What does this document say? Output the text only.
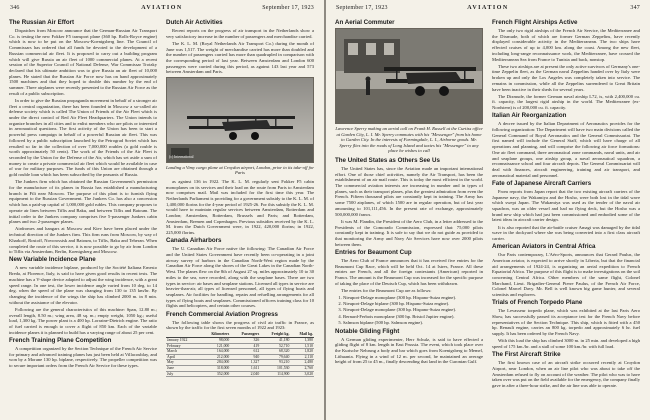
346	AVIATION	September 17, 1923
The Russian Air Effort

Dispatches from Moscow announce that the German-Russian Air Transport Co. is testing the new Fokker F5 transport plane (360 hp. Rolls-Royce engine) which is now to be put on the Moscow-Koenigsberg line. The Council of Commissars has ordered that all funds be devoted to the development of a Russian commercial air fleet. It is proposed to carry out a building program which will give Russia an air fleet of 1000 commercial planes. At a recent session of the Superior Council of National Defense, War Commissar Trotzky declared that his ultimate ambition was to give Russia an air fleet of 10,000 planes. He stated that the Russian Air Force now has on hand approximately 1500 machines and that they hoped to double this number by the end of summer. Three airplanes were recently presented to the Russian Air Force as the result of a public subscription.

In order to give the Russian propaganda movement in behalf of a stronger air fleet a central organization, there has been founded in Moscow a so-called air defense society which is called The Union of Friends of the Air Fleet which is under the direct control of Red Air Fleet Headquarters. The Union intends to organize branches in all cities and to enlist members who are pilots or interested in aeronautical questions. The first activity of the Union has been to start a powerful press campaign in behalf of a powerful Russian air fleet. This was followed by a public subscription launched by the Petrograd Soviet which has resulted so far in the collection of over 7,000,000 roubles (a gold rouble is worth approximately 50 cents). The work of the Friends of the Air Fleet is seconded by the Union for the Defense of the Air, which has set aside a sum of money to create a private commercial air fleet which would be available in case of war for military purposes. The funds of this Union are obtained through a gold rouble loan which has been subscribed by the peasants of Russia.

The Junkers firm which has obtained the Russian Government's permission for the manufacture of its planes in Russia has established a manufacturing branch in Fili near Moscow. The purpose of this plant is to furnish flying equipment to the Russian Government. The Junkers Co. has also a concession which has a paid-up capital of 1,000,000 gold rubles. This company proposes to operate air lines between Tiflis and Baku, and between Tiflis and Batoum. The initial order to the Junkers company comprises five 5-passenger Junkers cabin planes and two 2-passenger planes.

Airdromes and hangars at Moscow and Kiev have been placed under the technical direction of the Junkers firm. This firm runs from Moscow, by way of Kharkoff, Rostoff, Novorossisk and Batoum, to Tiflis, Baku and Teheran. When completed the route of this service, it is now possible to go by air from London to Tiflis via Amsterdam, Berlin, Koenigsberg and Moscow.

New Variable Incidence Plane

A new variable incidence biplane, produced by the Société Italiana Ernesto Breda, at Florence, Italy, is said to have given good results in recent tests. The machine has a V-shape device adapted to adjust the wing incidence, with a great speed range. In one test, the lower incidence angle varied from 10 deg. to 14 deg. when the speed of the plane was changing from 130 to 135 km/hr. By changing the incidence of the wings the ship has climbed 2000 m. in 8 min. without the assistance of the elevator.

Following are the general characteristics of this machine: Span, 12.80 m.; overall length, 8.50 m.; wing area, 48 sq. m.; empty weight, 1050 kg.; useful load, 1,300 kg. The power plant is a 400 hp. Lorraine-Dietrich engine. The ratio of fuel carried is enough to cover a flight of 850 km. Each of the variable incidence planes it is planned to build has a varying range of about 25 per cent.

French Training Plane Competition

A competition organized by the Section Technique of the French Air Service for primary and advanced training planes has just been held at Villacoublay, and won by a Morane 130 hp. biplane, respectively. The propeller competition was to secure important orders from the French Air Service for these types.

Dutch Air Activities

Recent reports on the progress of air transport in the Netherlands show a very satisfactory increase in the number of passengers and merchandise carried.

The K. L. M. (Royal Netherlands Air Transport Co.) during the month of June was 1,517. The weight of merchandise carried has more than doubled and the number of passengers carried has more than quadrupled in comparison with the corresponding period of last year. Between Amsterdam and London 600 passengers were carried during this period, as against 143 last year and 573 between Amsterdam and Paris.

(c) International
Landing a Vimy cargo plane at Croydon airport, London, prior to its take-off for Paris

as against 136 in 1922. The K. L. M. regularly sent Fokker F5 cabin monoplanes on its services and their load on the route from Paris to Amsterdam now comprises mail. Mail was included for the first time this year. The Netherlands Parliament is providing for a government subsidy to the K. L. M. of 1,400,000 florins for the 4-year period of 1925-26. For this subsidy the K. L. M. would have to maintain regular services between Amsterdam, Rotterdam and London; Amsterdam, Rotterdam, Brussels and Paris; and Rotterdam, Amsterdam, Bremen and Copenhagen. Previous subsidies received by the K. L. M. from the Dutch Government were, in 1922, 420,000 florins; in 1922, 225,000 florins.

Canada Airharbors

The U. Canadian Air Force native the following: The Canadian Air Force and the United States Government have recently been co-operating in a joint airway survey of harbors in the Canadian North-West region made by the Canadian Air Force along the shores of the Great Lakes in the Canadian North-West. The planes flew on the 8th of August 27 sq. miles approximately 10 to 30 miles to the sea, were recorded, along with the seaplane bases. There are two types in service: air bases and seaplane stations. Licensed all types in service are heavier-than-air, all types of licensed personnel, all types of flying boats and seaplanes. Air facilities for handling, repairs and refuelling arrangements for all types of flying boats and seaplanes. Commissioned officers training class for 10 flights and helicopters, and certain other courses.

French Commercial Aviation Progress

The following table shows the progress of civil air traffic in France, as shown by the traffic for the first seven months of 1922 and 1923:

	Kilometers	Passengers	Freight kg.	Mail kg.
January 1922	98,000	326	41,180	1,380
February	121,000	419	52,710	1,510
March	164,000	612	68,320	1,820
April	212,000	940	79,640	2,110
May	284,000	1,327	93,210	2,480
June	318,000	1,611	101,530	2,760
July	352,000	2,040	114,900	3,020
September 17, 1923	AVIATION	347
An Aerial Commuter
Lawrence Sperry making an aerial call on Frank H. Russell at the Curtiss office at Garden City, L. I. Mr. Sperry commutes with his "Messenger" from his home to Garden City. In the interests of Farmingdale, L. I., Airborne goods. Mr. Sperry flies into the roads of Long Island and taxies his "Messenger" to any place he wishes to call
The United States as Others See Us

The United States has, since the Aviation made an important international effort. One of those chief activities, namely the Air Transport, has been the establishment of an air mail route. This is today the most efficient in the world. The commercial aviation interests are increasing in number and in types of planes, such as their transport planes, plus the greatest admiration from even the French. Fifteen thousand pilots are constantly kept in training. The Army has some 7500 airplanes, of which 1500 are in regular operation, but of last year amounting to 101,111,456. In the present rate of exchange, approximately 500,000,000 francs.

It was M. Flandin, the President of the Aero Club, in a letter addressed to the Presidents of the Comorado Commission, expressed that: 75,000 pilots constantly kept in training. It is safe to say that we do not guide as provided to that monitoring the Army and Navy Air Services have now over 2000 pilots between them.

Entries for Beaumont Cup

The Aero Club of France announces that it has received five entries for the Beaumont Cup Race, which will be held Oct. 14 at Istres, France. All these entries are French, and all the foreign contestants (American) reported in Francs. The amount is the Beaumont Cup was increased for the specific purpose of taking the place of the Deutsch Cup, which has been withdrawn.

The entries for the Beaumont Cup are as follows:

1. Nieuport-Delage monoplane (300 hp. Hispano-Suiza engine).
2. Nieuport-Delage biplane (300 hp. Hispano-Suiza engine).
3. Nieuport-Delage monoplane (300 hp. Hispano-Suiza engine).
4. Bernard-Ferbois monoplane (300 hp. Bristol Jupiter engine).
5. Salmson biplane (500 hp. Salmson engine).
Notable Gliding Flight

A German gliding experimenter, Herr Schulz, is said to have effected a gliding flight of 8 km. length in East Prussia. The event, which took place over the Kurische Nehrung a body and bar which goes from Koenigsberg to Memel, Lithuania. Flying in a wind of 12 m. per second, he maintained an average height of from 25 to 45 m., finally descending that land in the Curonian Gulf.

French Flight Airships Active

The only two rigid airships of the French Air Service, the Mediterranee and the Dixmude, both of which are former German Zeppelins, have recently displayed considerable activity in the Mediterranean. The two ships have effected cruises of up to 4,000 km. along the coast. Among the new fleet, including long-range reconnaissance work, the Mediterranee, have crossed the Mediterranean Sea from France to Tunisia and back, nonstop.

These two airships are at present the only active survivors of Germany's one-time Zeppelin fleet, as the German naval Zeppelins handed over by Italy were broken up and only the Los Angeles was completely taken into service. The remains in commission, while all the Zeppelins surrendered to Great Britain have been inactive in their sheds for several years.

The Dixmude, the former German naval airship L72, is, with 2,400,000 cu. ft. capacity, the largest rigid airship in the world. The Mediterranee (ex-Nordstern) is of 200,000 cu. ft. capacity.

Italian Air Reorganization

A decree issued by the Italian Department of Aeronautics provides for the following organization: The Department will have two main divisions called the General Command of Royal Aeronautics and the General Commissariat. The first named will include the General Staff, which will have charge of all operations and planning, and will comprise the following air force formations: One air fleet command, three aeronautical zone commands, naval units, and air and seaplane groups, one airship group, a naval aeronautical squadron, a reconnaissance school and four aircraft depots. The General Commissariat will deal with finances, aircraft engineering, training and air transport, and aeronautical material and personnel.

Fate of Japanese Aircraft Carriers

From reports from Japan report that the two existing aircraft carriers of the Japanese navy, the Wakamiya and the Hosho, were both lost in the tidal wave which swept Japan. The Wakamiya was used as the tender of the naval air squadron, was an older vessel and had no flying deck, but the Hosho was a brand new ship which had just been commissioned and embodied some of the latest ideas in aircraft carrier design.

It is also reported that the air-battle cruiser Amagi was damaged by the tidal wave in the dockyard where she was being converted into a first class aircraft carrier.

American Aviators in Central Africa

Our Paris contemporary, L'Aéro-Sports, announces that Gerard Paulus, the American aviator, is expected to arrive shortly in Liberia, but that the financial aid arrangements of 1924-24, is organizing an aerial expedition to French Equatorial Africa. The purpose of this flight is to make investigations on the soil concerning Central Africa. Other members of the same flight, Colonel Marchand, Lieut. Brigadier-General Pierre Paulus, of the French Air Force, Colonel Marcel Davy. Mr. Bell is well known big game hunter, and several scientists and explorers.

Trials of French Torpedo Plane

The Levasseur torpedo plane, which was exhibited at the last Paris Aero Show, has successfully passed its acceptance test for the French Navy before representatives of the Section Technique. This ship, which is fitted with a 450 hp. Renault engine, carries an 800 kg. torpedo and approximately 6 hr. fuel supply. It has been ordered by the French Navy.

With this load the ship has climbed 3000 m. in 25 min. and developed a high speed of 175 km./hr. and a stall of some 100 km./hr. with full load.

The First Aircraft Strike

The first known case of an aircraft strike occurred recently at Croydon Airport, near London, when an air line pilot who was about to take off the Amsterdam refused to fly on account of the weather. The pilot who was to have taken over was put on the field available for the emergency, the company finally gave in after a three-hour strike, and the air line was able to operate.
